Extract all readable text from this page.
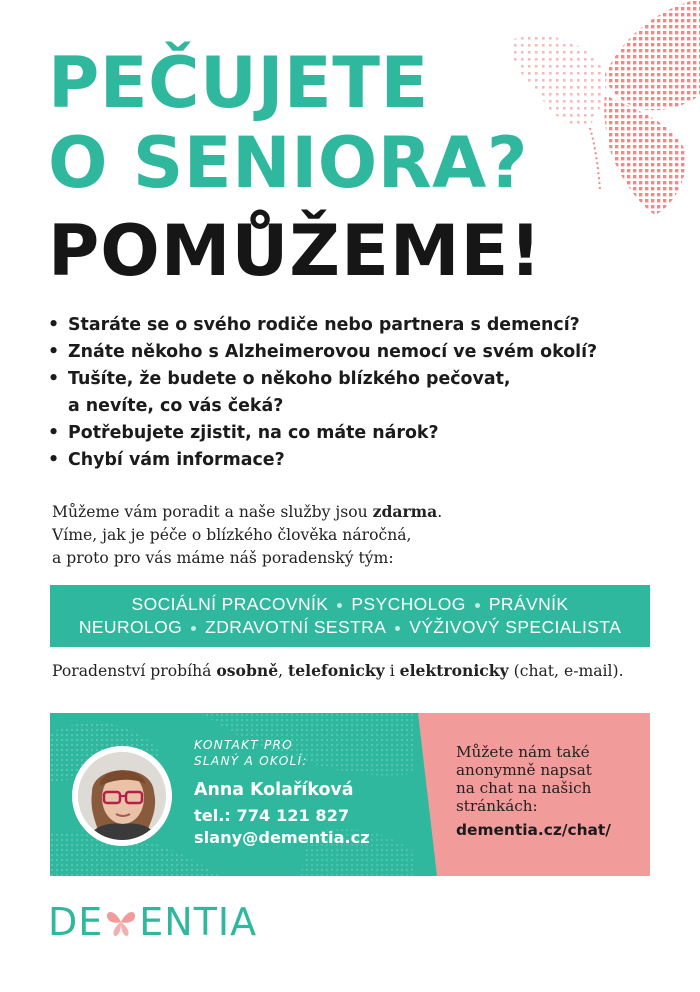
PEČUJETE
O SENIORA?
POMŮŽEME!
• Staráte se o svého rodiče nebo partnera s demencí?
• Znáte někoho s Alzheimerovou nemocí ve svém okolí?
• Tušíte, že budete o někoho blízkého pečovat,
a nevíte, co vás čeká?
• Potřebujete zjistit, na co máte nárok?
• Chybí vám informace?
Můžeme vám poradit a naše služby jsou zdarma.
Víme, jak je péče o blízkého člověka náročná,
a proto pro vás máme náš poradenský tým:
SOCIÁLNÍ PRACOVNÍK PSYCHOLOG PRÁVNÍK
NEUROLOG ZDRAVOTNÍ SESTRA VÝŽIVOVÝ SPECIALISTA
Poradenství probíhá osobně, telefonicky i elektronicky (chat, e-mail).
KONTAKT PRO
SLANÝ A OKOLÍ:
Anna Kolaříková
tel.: 774 121 827
slany@dementia.cz
Můžete nám také
anonymně napsat
na chat na našich
stránkách:
dementia.cz/chat/
DE ENTIA
